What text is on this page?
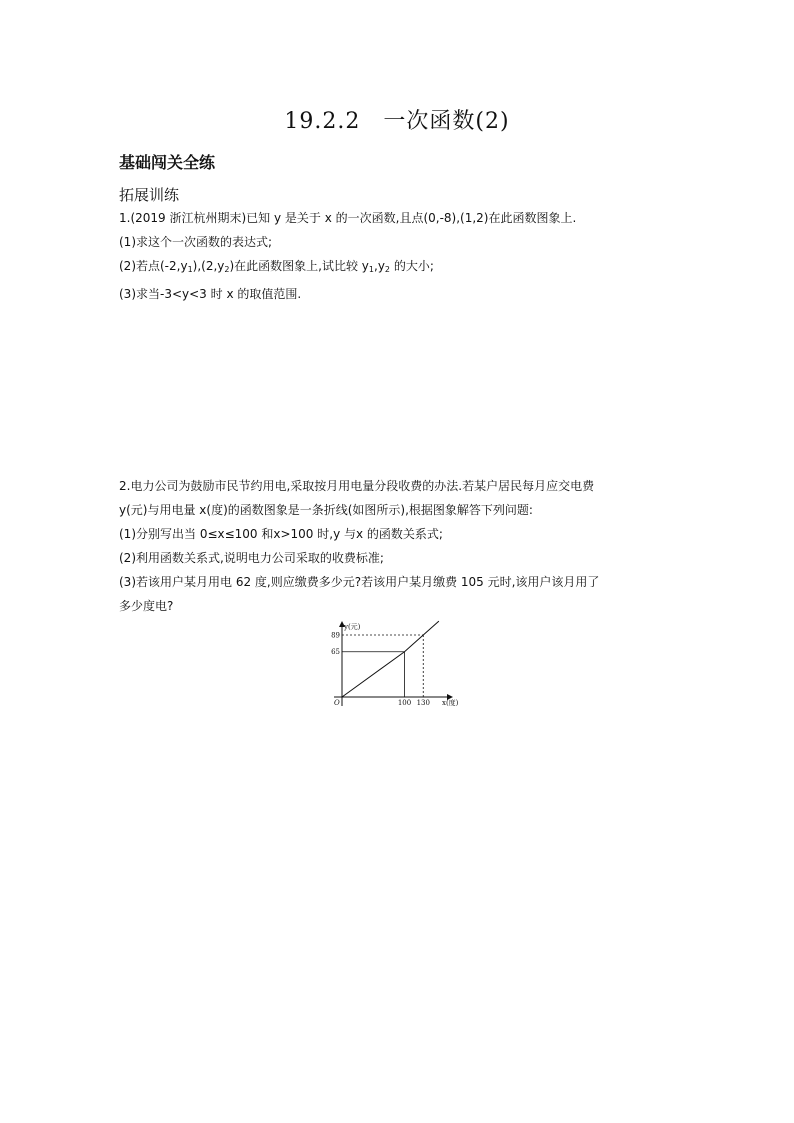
19.2.2　一次函数(2)
基础闯关全练
拓展训练
1.(2019 浙江杭州期末)已知 y 是关于 x 的一次函数,且点(0,-8),(1,2)在此函数图象上.
(1)求这个一次函数的表达式;
(2)若点$(-2,y_1),(2,y_2)$在此函数图象上,试比较 $y_1,y_2$ 的大小;
(3)求当-3<y<3 时 x 的取值范围.
2.电力公司为鼓励市民节约用电,采取按月用电量分段收费的办法.若某户居民每月应交电费
y(元)与用电量 x(度)的函数图象是一条折线(如图所示),根据图象解答下列问题:
(1)分别写出当 0≤x≤100 和x>100 时,y 与x 的函数关系式;
(2)利用函数关系式,说明电力公司采取的收费标准;
(3)若该用户某月用电 62 度,则应缴费多少元?若该用户某月缴费 105 元时,该用户该月用了
多少度电?
O
y(元)
x(度)
100 130
65
89
